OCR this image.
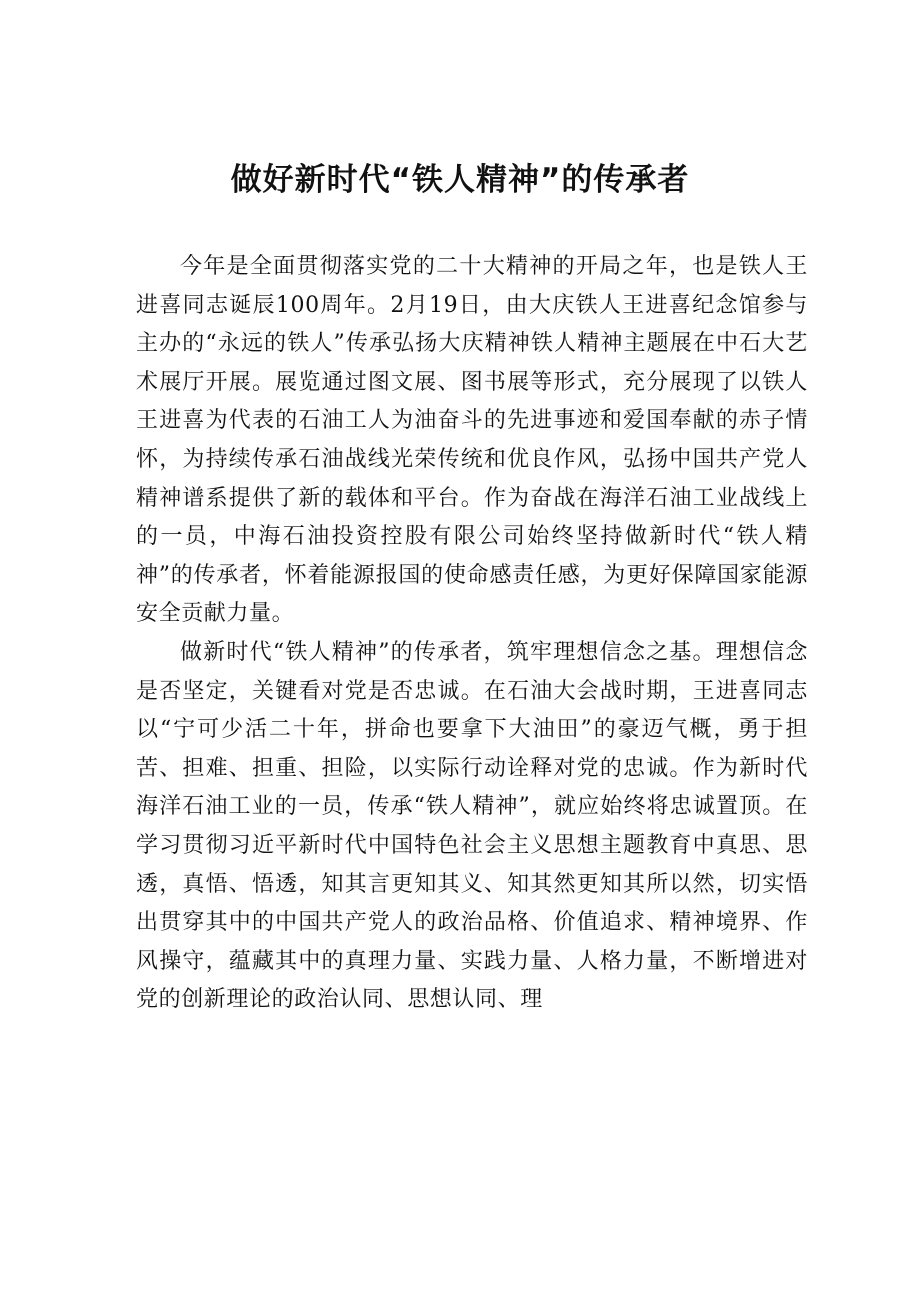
做好新时代“铁人精神”的传承者

今年是全面贯彻落实党的二十大精神的开局之年，也是铁人王进喜同志诞辰100周年。2月19日，由大庆铁人王进喜纪念馆参与主办的“永远的铁人”传承弘扬大庆精神铁人精神主题展在中石大艺术展厅开展。展览通过图文展、图书展等形式，充分展现了以铁人王进喜为代表的石油工人为油奋斗的先进事迹和爱国奉献的赤子情怀，为持续传承石油战线光荣传统和优良作风，弘扬中国共产党人精神谱系提供了新的载体和平台。作为奋战在海洋石油工业战线上的一员，中海石油投资控股有限公司始终坚持做新时代“铁人精神”的传承者，怀着能源报国的使命感责任感，为更好保障国家能源安全贡献力量。

做新时代“铁人精神”的传承者，筑牢理想信念之基。理想信念是否坚定，关键看对党是否忠诚。在石油大会战时期，王进喜同志以“宁可少活二十年，拼命也要拿下大油田”的豪迈气概，勇于担苦、担难、担重、担险，以实际行动诠释对党的忠诚。作为新时代海洋石油工业的一员，传承“铁人精神”，就应始终将忠诚置顶。在学习贯彻习近平新时代中国特色社会主义思想主题教育中真思、思透，真悟、悟透，知其言更知其义、知其然更知其所以然，切实悟出贯穿其中的中国共产党人的政治品格、价值追求、精神境界、作风操守，蕴藏其中的真理力量、实践力量、人格力量，不断增进对党的创新理论的政治认同、思想认同、理
